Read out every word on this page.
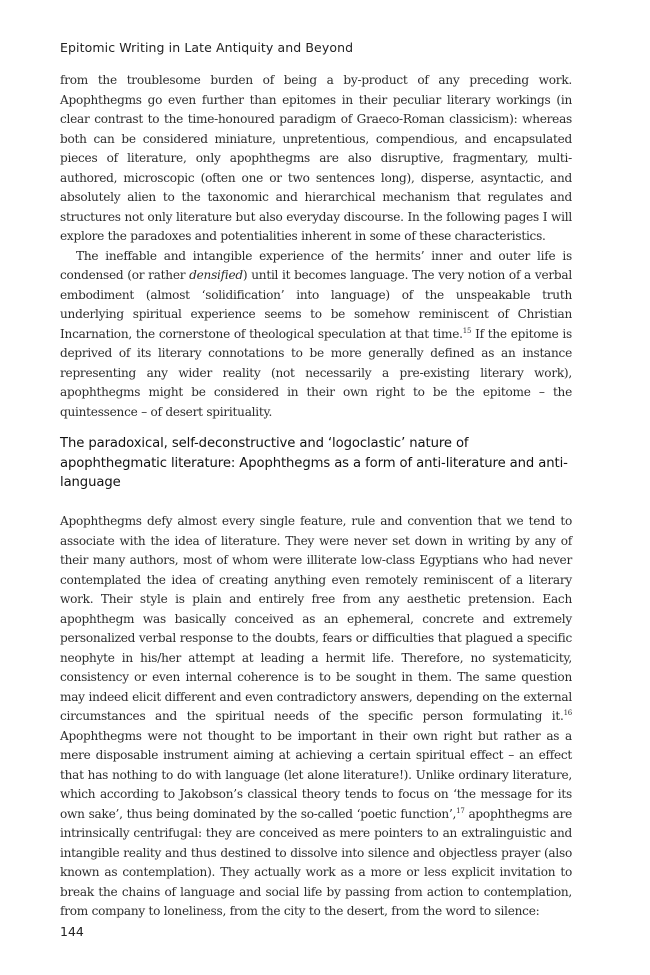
Epitomic Writing in Late Antiquity and Beyond

from the troublesome burden of being a by-product of any preceding work. Apophthegms go even further than epitomes in their peculiar literary workings (in clear contrast to the time-honoured paradigm of Graeco-Roman classicism): whereas both can be considered miniature, unpretentious, compendious, and encapsulated pieces of literature, only apophthegms are also disruptive, fragmentary, multi-authored, microscopic (often one or two sentences long), disperse, asyntactic, and absolutely alien to the taxonomic and hierarchical mechanism that regulates and structures not only literature but also everyday discourse. In the following pages I will explore the paradoxes and potentialities inherent in some of these characteristics.

The ineffable and intangible experience of the hermits’ inner and outer life is condensed (or rather densified) until it becomes language. The very notion of a verbal embodiment (almost ‘solidification’ into language) of the unspeakable truth underlying spiritual experience seems to be somehow reminiscent of Christian Incarnation, the cornerstone of theological speculation at that time.$^{15}$ If the epitome is deprived of its literary connotations to be more generally defined as an instance representing any wider reality (not necessarily a pre-existing literary work), apophthegms might be considered in their own right to be the epitome – the quintessence – of desert spirituality.

The paradoxical, self-deconstructive and ‘logoclastic’ nature of apophthegmatic literature: Apophthegms as a form of anti-literature and anti-language

Apophthegms defy almost every single feature, rule and convention that we tend to associate with the idea of literature. They were never set down in writing by any of their many authors, most of whom were illiterate low-class Egyptians who had never contemplated the idea of creating anything even remotely reminiscent of a literary work. Their style is plain and entirely free from any aesthetic pretension. Each apophthegm was basically conceived as an ephemeral, concrete and extremely personalized verbal response to the doubts, fears or difficulties that plagued a specific neophyte in his/her attempt at leading a hermit life. Therefore, no systematicity, consistency or even internal coherence is to be sought in them. The same question may indeed elicit different and even contradictory answers, depending on the external circumstances and the spiritual needs of the specific person formulating it.$^{16}$ Apophthegms were not thought to be important in their own right but rather as a mere disposable instrument aiming at achieving a certain spiritual effect – an effect that has nothing to do with language (let alone literature!). Unlike ordinary literature, which according to Jakobson’s classical theory tends to focus on ‘the message for its own sake’, thus being dominated by the so-called ‘poetic function’,$^{17}$ apophthegms are intrinsically centrifugal: they are conceived as mere pointers to an extralinguistic and intangible reality and thus destined to dissolve into silence and objectless prayer (also known as contemplation). They actually work as a more or less explicit invitation to break the chains of language and social life by passing from action to contemplation, from company to loneliness, from the city to the desert, from the word to silence:

144
